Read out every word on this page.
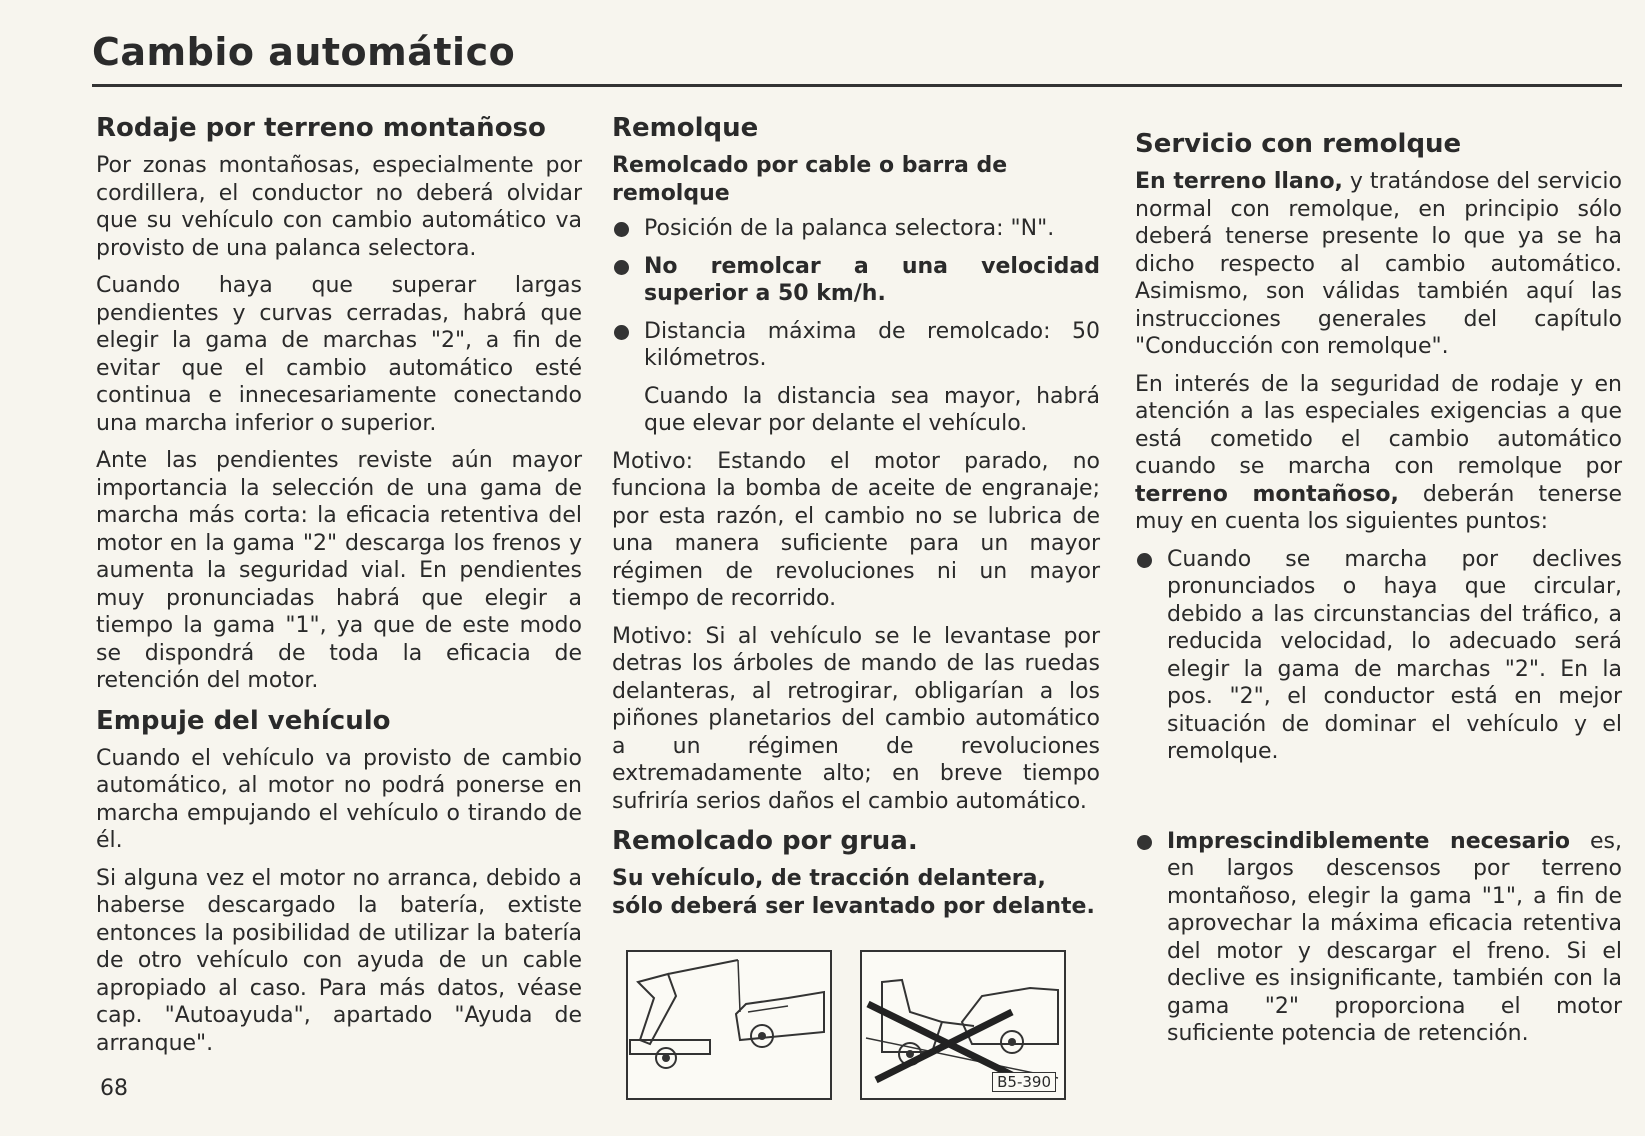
Cambio automático
Rodaje por terreno montañoso

Por zonas montañosas, especialmente por cordillera, el conductor no deberá olvidar que su vehículo con cambio automático va provisto de una palanca selectora.

Cuando haya que superar largas pendientes y curvas cerradas, habrá que elegir la gama de marchas "2", a fin de evitar que el cambio automático esté continua e innecesariamente conectando una marcha inferior o superior.

Ante las pendientes reviste aún mayor importancia la selección de una gama de marcha más corta: la eficacia retentiva del motor en la gama "2" descarga los frenos y aumenta la seguridad vial. En pendientes muy pronunciadas habrá que elegir a tiempo la gama "1", ya que de este modo se dispondrá de toda la eficacia de retención del motor.

Empuje del vehículo

Cuando el vehículo va provisto de cambio automático, al motor no podrá ponerse en marcha empujando el vehículo o tirando de él.

Si alguna vez el motor no arranca, debido a haberse descargado la batería, extiste entonces la posibilidad de utilizar la batería de otro vehículo con ayuda de un cable apropiado al caso. Para más datos, véase cap. "Autoayuda", apartado "Ayuda de arranque".

Remolque
Remolcado por cable o barra de remolque
Posición de la palanca selectora: "N".
No remolcar a una velocidad superior a 50 km/h.
Distancia máxima de remolcado: 50 kilómetros.

Cuando la distancia sea mayor, habrá que elevar por delante el vehículo.

Motivo: Estando el motor parado, no funciona la bomba de aceite de engranaje; por esta razón, el cambio no se lubrica de una manera suficiente para un mayor régimen de revoluciones ni un mayor tiempo de recorrido.

Motivo: Si al vehículo se le levantase por detras los árboles de mando de las ruedas delanteras, al retrogirar, obligarían a los piñones planetarios del cambio automático a un régimen de revoluciones extremadamente alto; en breve tiempo sufriría serios daños el cambio automático.

Remolcado por grua.
Su vehículo, de tracción delantera, sólo deberá ser levantado por delante.
B5-390
Servicio con remolque

En terreno llano, y tratándose del servicio normal con remolque, en principio sólo deberá tenerse presente lo que ya se ha dicho respecto al cambio automático. Asimismo, son válidas también aquí las instrucciones generales del capítulo "Conducción con remolque".

En interés de la seguridad de rodaje y en atención a las especiales exigencias a que está cometido el cambio automático cuando se marcha con remolque por terreno montañoso, deberán tenerse muy en cuenta los siguientes puntos:

Cuando se marcha por declives pronunciados o haya que circular, debido a las circunstancias del tráfico, a reducida velocidad, lo adecuado será elegir la gama de marchas "2". En la pos. "2", el conductor está en mejor situación de dominar el vehículo y el remolque.
Imprescindiblemente necesario es, en largos descensos por terreno montañoso, elegir la gama "1", a fin de aprovechar la máxima eficacia retentiva del motor y descargar el freno. Si el declive es insignificante, también con la gama "2" proporciona el motor suficiente potencia de retención.
68
